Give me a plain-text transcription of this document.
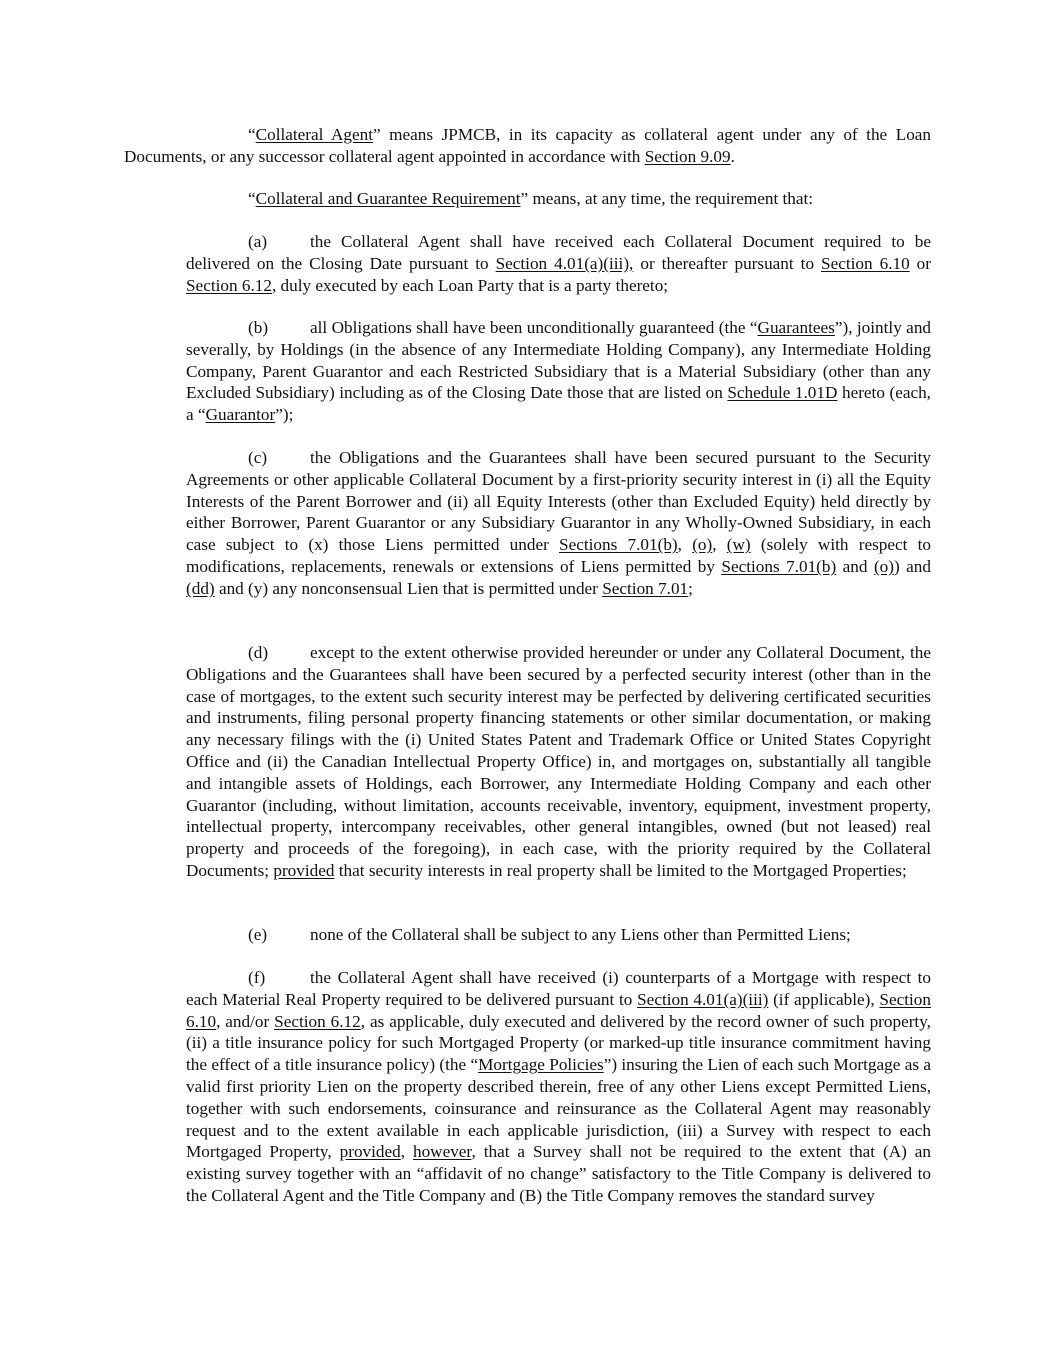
“Collateral Agent” means JPMCB, in its capacity as collateral agent under any of the Loan Documents, or any successor collateral agent appointed in accordance with Section 9.09.

“Collateral and Guarantee Requirement” means, at any time, the requirement that:

(a) the Collateral Agent shall have received each Collateral Document required to be delivered on the Closing Date pursuant to Section 4.01(a)(iii), or thereafter pursuant to Section 6.10 or Section 6.12, duly executed by each Loan Party that is a party thereto;

(b) all Obligations shall have been unconditionally guaranteed (the “Guarantees”), jointly and severally, by Holdings (in the absence of any Intermediate Holding Company), any Intermediate Holding Company, Parent Guarantor and each Restricted Subsidiary that is a Material Subsidiary (other than any Excluded Subsidiary) including as of the Closing Date those that are listed on Schedule 1.01D hereto (each, a “Guarantor”);

(c) the Obligations and the Guarantees shall have been secured pursuant to the Security Agreements or other applicable Collateral Document by a first-priority security interest in (i) all the Equity Interests of the Parent Borrower and (ii) all Equity Interests (other than Excluded Equity) held directly by either Borrower, Parent Guarantor or any Subsidiary Guarantor in any Wholly-Owned Subsidiary, in each case subject to (x) those Liens permitted under Sections 7.01(b), (o), (w) (solely with respect to modifications, replacements, renewals or extensions of Liens permitted by Sections 7.01(b) and (o)) and (dd) and (y) any nonconsensual Lien that is permitted under Section 7.01;

(d) except to the extent otherwise provided hereunder or under any Collateral Document, the Obligations and the Guarantees shall have been secured by a perfected security interest (other than in the case of mortgages, to the extent such security interest may be perfected by delivering certificated securities and instruments, filing personal property financing statements or other similar documentation, or making any necessary filings with the (i) United States Patent and Trademark Office or United States Copyright Office and (ii) the Canadian Intellectual Property Office) in, and mortgages on, substantially all tangible and intangible assets of Holdings, each Borrower, any Intermediate Holding Company and each other Guarantor (including, without limitation, accounts receivable, inventory, equipment, investment property, intellectual property, intercompany receivables, other general intangibles, owned (but not leased) real property and proceeds of the foregoing), in each case, with the priority required by the Collateral Documents; provided that security interests in real property shall be limited to the Mortgaged Properties;

(e) none of the Collateral shall be subject to any Liens other than Permitted Liens;

(f)	the Collateral Agent shall have received (i) counterparts of a Mortgage with respect to each Material Real Property required to be delivered pursuant to Section 4.01(a)(iii) (if applicable), Section 6.10, and/or Section 6.12, as applicable, duly executed and delivered by the record owner of such property, (ii) a title insurance policy for such Mortgaged Property (or marked-up title insurance commitment having the effect of a title insurance policy) (the “Mortgage Policies”) insuring the Lien of each such Mortgage as a valid first priority Lien on the property described therein, free of any other Liens except Permitted Liens, together with such endorsements, coinsurance and reinsurance as the Collateral Agent may reasonably request and to the extent available in each applicable jurisdiction, (iii) a Survey with respect to each Mortgaged Property, provided, however, that a Survey shall not be required to the extent that (A) an existing survey together with an “affidavit of no change” satisfactory to the Title Company is delivered to the Collateral Agent and the Title Company and (B) the Title Company removes the standard survey
